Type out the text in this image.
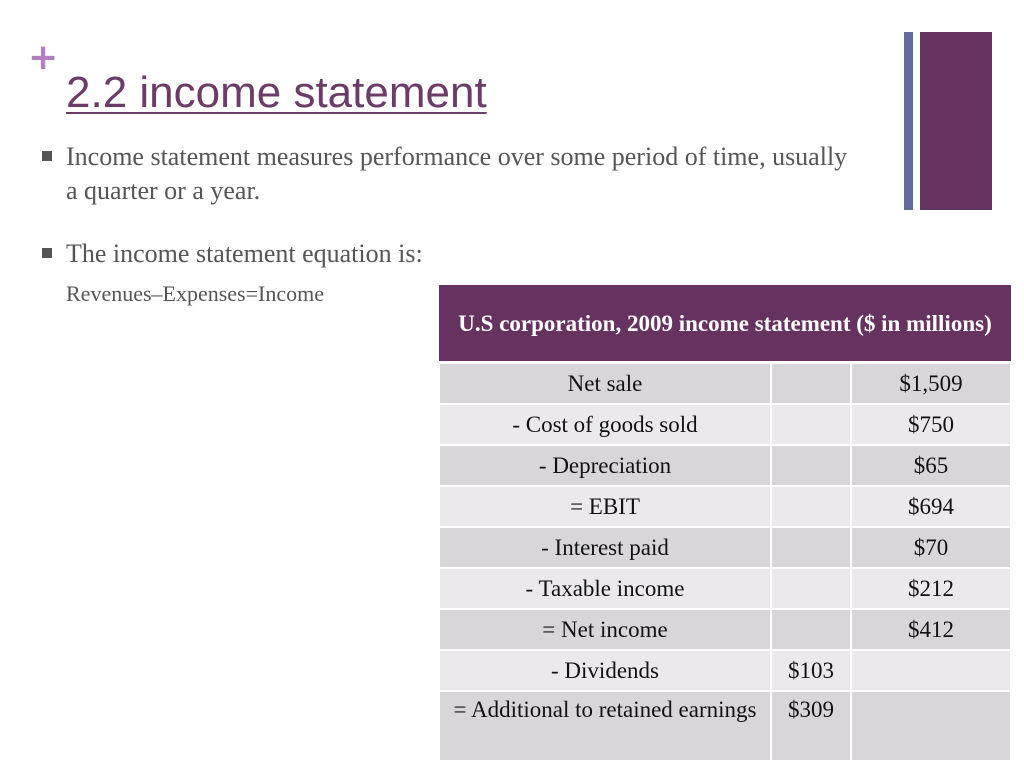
+
2.2 income statement
Income statement measures performance over some period of time, usually a quarter or a year.
The income statement equation is:
Revenues–Expenses=Income
U.S corporation, 2009 income statement ($ in millions)		
Net sale		$1,509
- Cost of goods sold		$750
- Depreciation		$65
= EBIT		$694
- Interest paid		$70
- Taxable income		$212
= Net income		$412
- Dividends	$103	
= Additional to retained earnings	$309	
